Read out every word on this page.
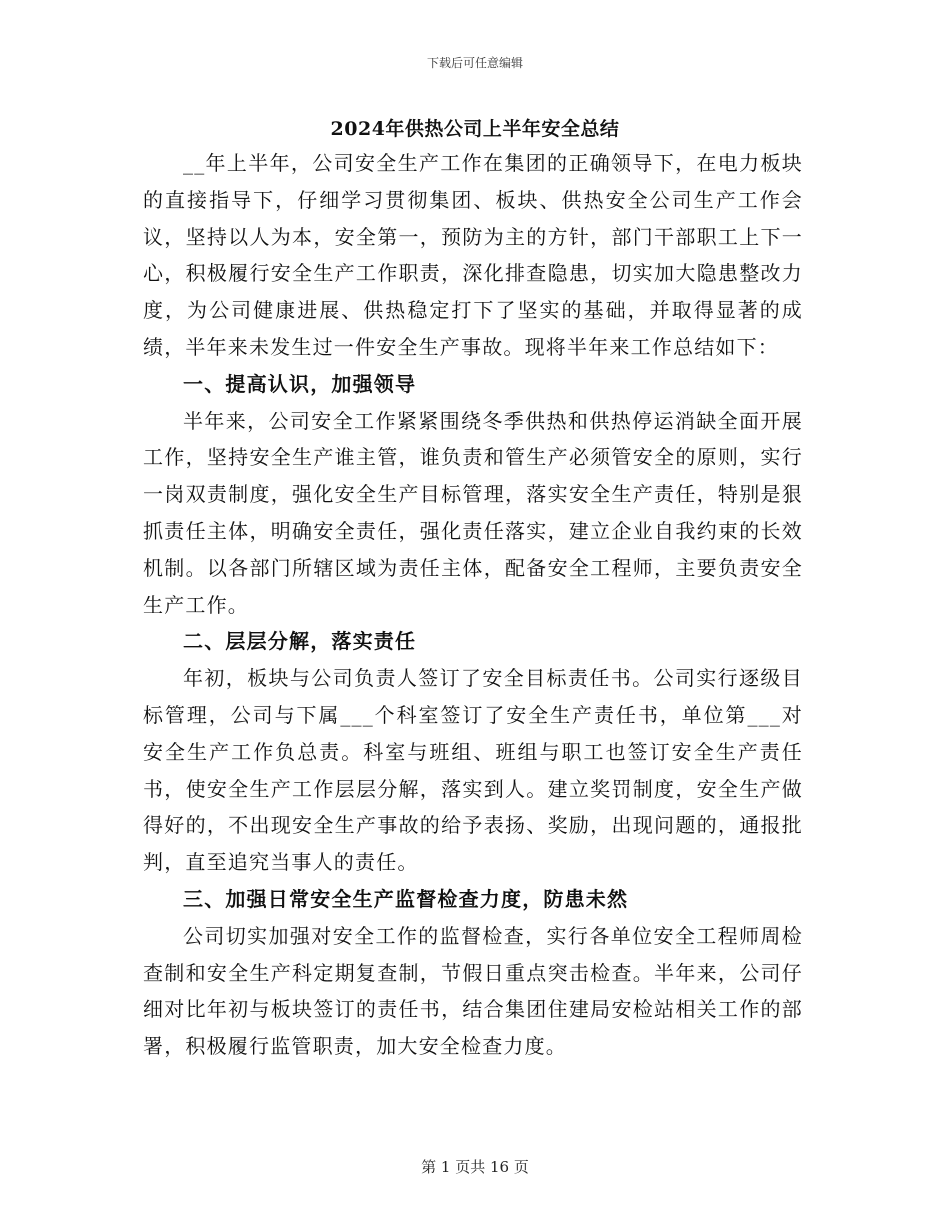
下载后可任意编辑
2024年供热公司上半年安全总结

__年上半年，公司安全生产工作在集团的正确领导下，在电力板块的直接指导下，仔细学习贯彻集团、板块、供热安全公司生产工作会议，坚持以人为本，安全第一，预防为主的方针，部门干部职工上下一心，积极履行安全生产工作职责，深化排查隐患，切实加大隐患整改力度，为公司健康进展、供热稳定打下了坚实的基础，并取得显著的成绩，半年来未发生过一件安全生产事故。现将半年来工作总结如下：

一、提高认识，加强领导

半年来，公司安全工作紧紧围绕冬季供热和供热停运消缺全面开展工作，坚持安全生产谁主管，谁负责和管生产必须管安全的原则，实行一岗双责制度，强化安全生产目标管理，落实安全生产责任，特别是狠抓责任主体，明确安全责任，强化责任落实，建立企业自我约束的长效机制。以各部门所辖区域为责任主体，配备安全工程师，主要负责安全生产工作。

二、层层分解，落实责任

年初，板块与公司负责人签订了安全目标责任书。公司实行逐级目标管理，公司与下属___个科室签订了安全生产责任书，单位第___对安全生产工作负总责。科室与班组、班组与职工也签订安全生产责任书，使安全生产工作层层分解，落实到人。建立奖罚制度，安全生产做得好的，不出现安全生产事故的给予表扬、奖励，出现问题的，通报批判，直至追究当事人的责任。

三、加强日常安全生产监督检查力度，防患未然

公司切实加强对安全工作的监督检查，实行各单位安全工程师周检查制和安全生产科定期复查制，节假日重点突击检查。半年来，公司仔细对比年初与板块签订的责任书，结合集团住建局安检站相关工作的部署，积极履行监管职责，加大安全检查力度。

第 1 页共 16 页
